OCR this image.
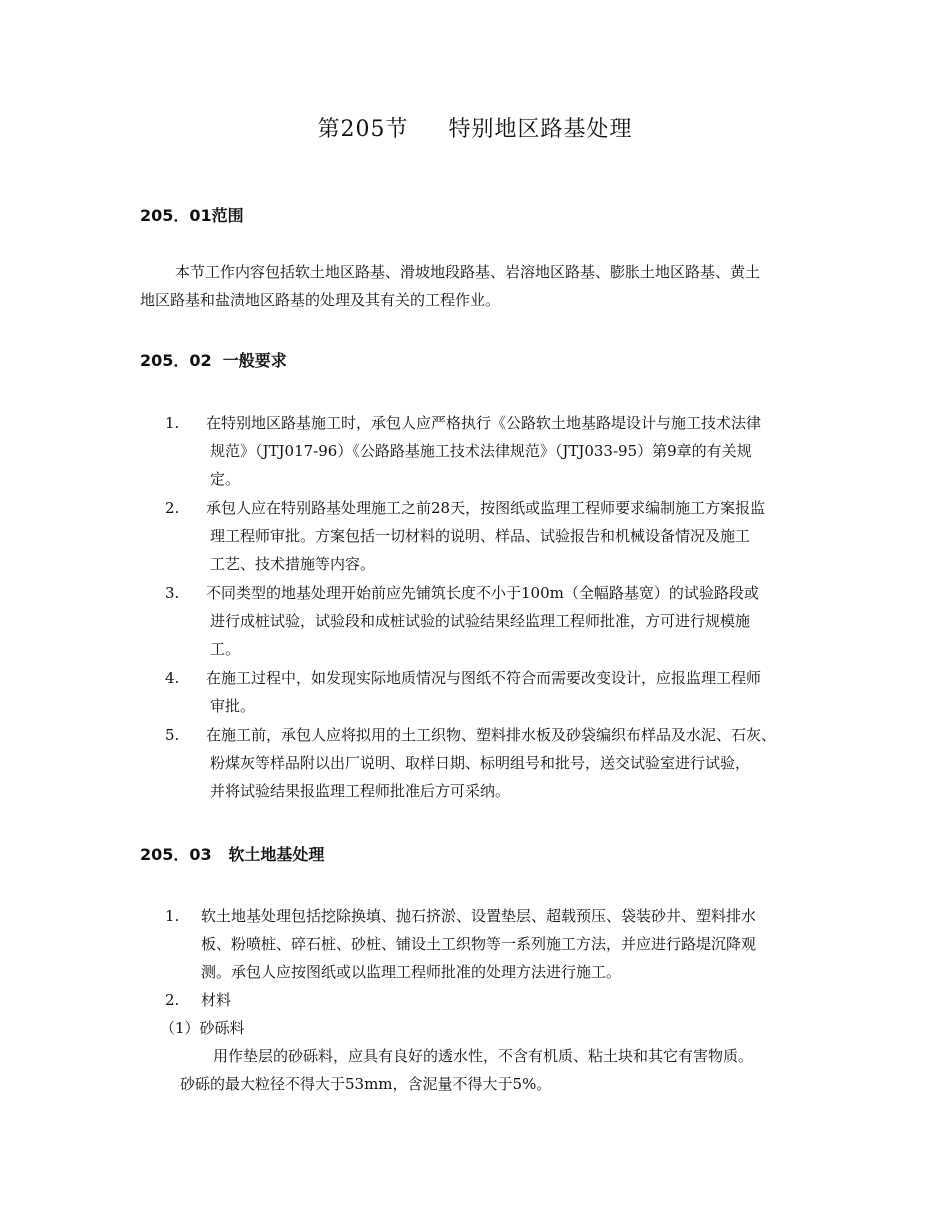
第205节     特别地区路基处理
205．01范围
本节工作内容包括软土地区路基、滑坡地段路基、岩溶地区路基、膨胀土地区路基、黄土
地区路基和盐渍地区路基的处理及其有关的工程作业。
205．02  一般要求
1. 在特别地区路基施工时，承包人应严格执行《公路软土地基路堤设计与施工技术法律
规范》（JTJ017-96）《公路路基施工技术法律规范》（JTJ033-95）第9章的有关规
定。
2. 承包人应在特别路基处理施工之前28天，按图纸或监理工程师要求编制施工方案报监
理工程师审批。方案包括一切材料的说明、样品、试验报告和机械设备情况及施工
工艺、技术措施等内容。
3. 不同类型的地基处理开始前应先铺筑长度不小于100m（全幅路基宽）的试验路段或
进行成桩试验，试验段和成桩试验的试验结果经监理工程师批准，方可进行规模施
工。
4. 在施工过程中，如发现实际地质情况与图纸不符合而需要改变设计，应报监理工程师
审批。
5. 在施工前，承包人应将拟用的土工织物、塑料排水板及砂袋编织布样品及水泥、石灰、
粉煤灰等样品附以出厂说明、取样日期、标明组号和批号，送交试验室进行试验，
并将试验结果报监理工程师批准后方可采纳。
205．03   软土地基处理
1. 软土地基处理包括挖除换填、抛石挤淤、设置垫层、超载预压、袋装砂井、塑料排水
板、粉喷桩、碎石桩、砂桩、铺设土工织物等一系列施工方法，并应进行路堤沉降观
测。承包人应按图纸或以监理工程师批准的处理方法进行施工。
2. 材料
（1）砂砾料
用作垫层的砂砾料，应具有良好的透水性，不含有机质、粘土块和其它有害物质。
砂砾的最大粒径不得大于53mm，含泥量不得大于5%。
